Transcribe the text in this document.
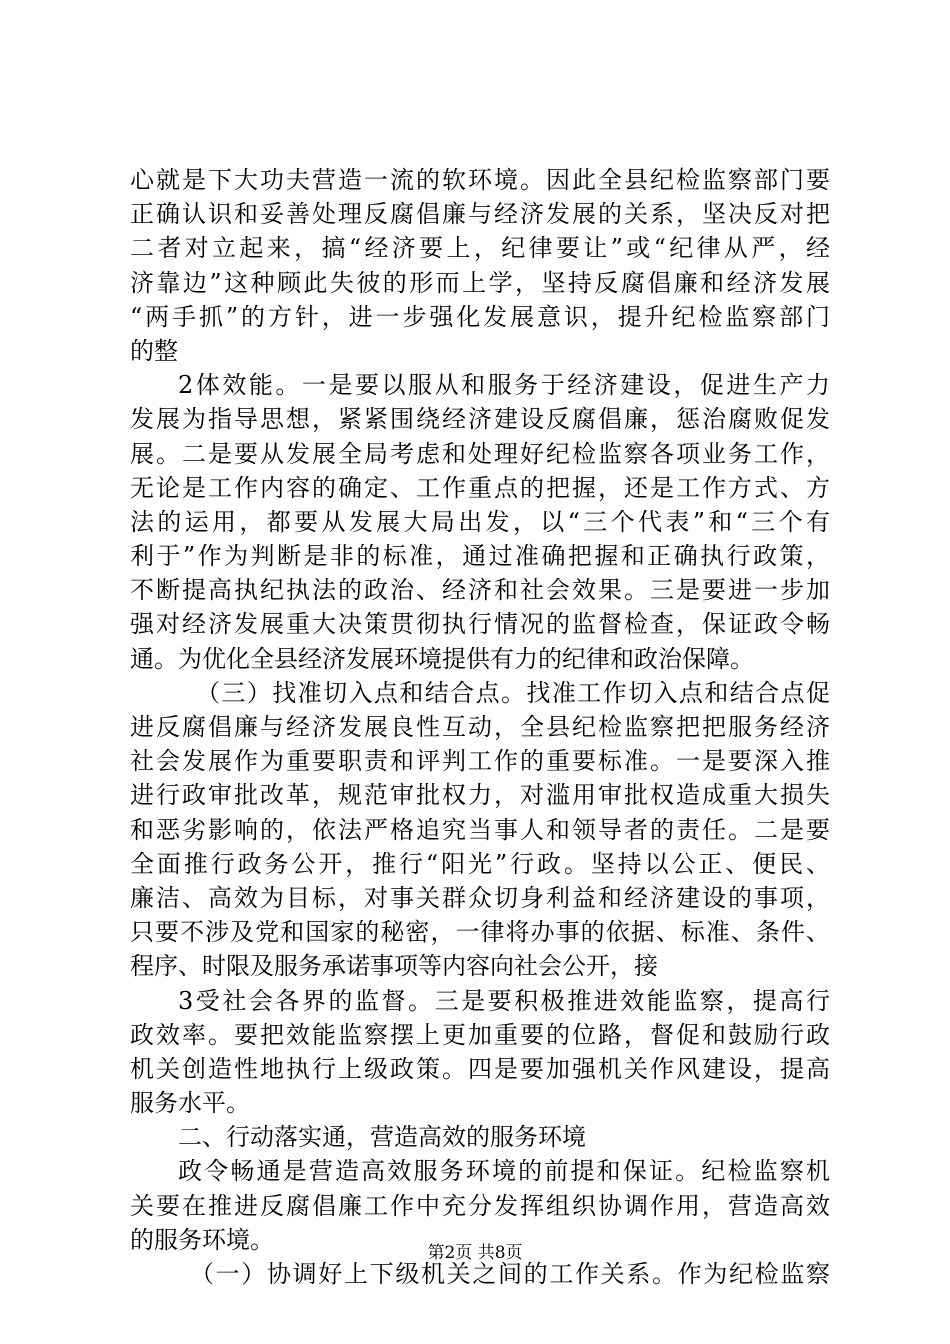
心就是下大功夫营造一流的软环境。因此全县纪检监察部门要
正确认识和妥善处理反腐倡廉与经济发展的关系，坚决反对把
二者对立起来，搞“经济要上，纪律要让”或“纪律从严，经
济靠边”这种顾此失彼的形而上学，坚持反腐倡廉和经济发展
“两手抓”的方针，进一步强化发展意识，提升纪检监察部门
的整
2体效能。一是要以服从和服务于经济建设，促进生产力
发展为指导思想，紧紧围绕经济建设反腐倡廉，惩治腐败促发
展。二是要从发展全局考虑和处理好纪检监察各项业务工作，
无论是工作内容的确定、工作重点的把握，还是工作方式、方
法的运用，都要从发展大局出发，以“三个代表”和“三个有
利于”作为判断是非的标准，通过准确把握和正确执行政策，
不断提高执纪执法的政治、经济和社会效果。三是要进一步加
强对经济发展重大决策贯彻执行情况的监督检查，保证政令畅
通。为优化全县经济发展环境提供有力的纪律和政治保障。
（三）找准切入点和结合点。找准工作切入点和结合点促
进反腐倡廉与经济发展良性互动，全县纪检监察把把服务经济
社会发展作为重要职责和评判工作的重要标准。一是要深入推
进行政审批改革，规范审批权力，对滥用审批权造成重大损失
和恶劣影响的，依法严格追究当事人和领导者的责任。二是要
全面推行政务公开，推行“阳光”行政。坚持以公正、便民、
廉洁、高效为目标，对事关群众切身利益和经济建设的事项，
只要不涉及党和国家的秘密，一律将办事的依据、标准、条件、
程序、时限及服务承诺事项等内容向社会公开，接
3受社会各界的监督。三是要积极推进效能监察，提高行
政效率。要把效能监察摆上更加重要的位路，督促和鼓励行政
机关创造性地执行上级政策。四是要加强机关作风建设，提高
服务水平。
二、行动落实通，营造高效的服务环境
政令畅通是营造高效服务环境的前提和保证。纪检监察机
关要在推进反腐倡廉工作中充分发挥组织协调作用，营造高效
的服务环境。
（一）协调好上下级机关之间的工作关系。作为纪检监察
第2页 共8页
